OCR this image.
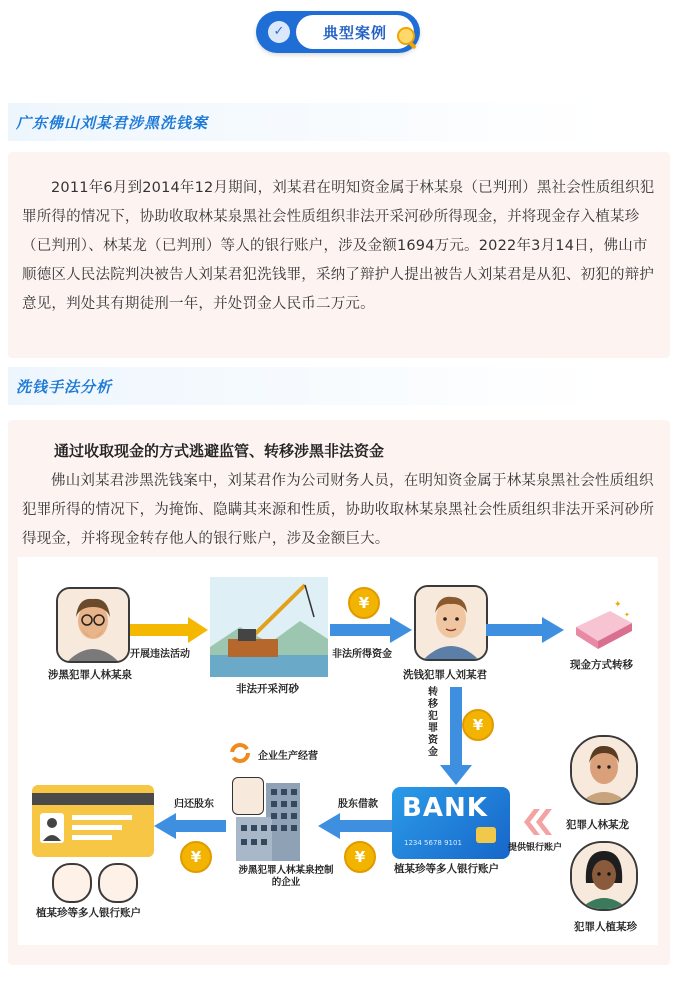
✓	典型案例
广东佛山刘某君涉黑洗钱案
2011年6月到2014年12月期间，刘某君在明知资金属于林某泉（已判刑）黑社会性质组织犯罪所得的情况下，协助收取林某泉黑社会性质组织非法开采河砂所得现金，并将现金存入植某珍（已判刑）、林某龙（已判刑）等人的银行账户，涉及金额1694万元。2022年3月14日，佛山市顺德区人民法院判决被告人刘某君犯洗钱罪，采纳了辩护人提出被告人刘某君是从犯、初犯的辩护意见，判处其有期徒刑一年，并处罚金人民币二万元。
洗钱手法分析
通过收取现金的方式逃避监管、转移涉黑非法资金
佛山刘某君涉黑洗钱案中，刘某君作为公司财务人员，在明知资金属于林某泉黑社会性质组织犯罪所得的情况下，为掩饰、隐瞒其来源和性质，协助收取林某泉黑社会性质组织非法开采河砂所得现金，并将现金转存他人的银行账户，涉及金额巨大。
涉黑犯罪人林某泉
开展违法活动
非法开采河砂
¥
非法所得资金
洗钱犯罪人刘某君
✦
✦
现金方式转移
转移犯罪资金
¥
BANK
1234 5678 9101
植某珍等多人银行账户
提供银行账户
犯罪人林某龙
犯罪人植某珍
股东借款
¥
企业生产经营
涉黑犯罪人林某泉控制的企业
归还股东
¥
植某珍等多人银行账户
